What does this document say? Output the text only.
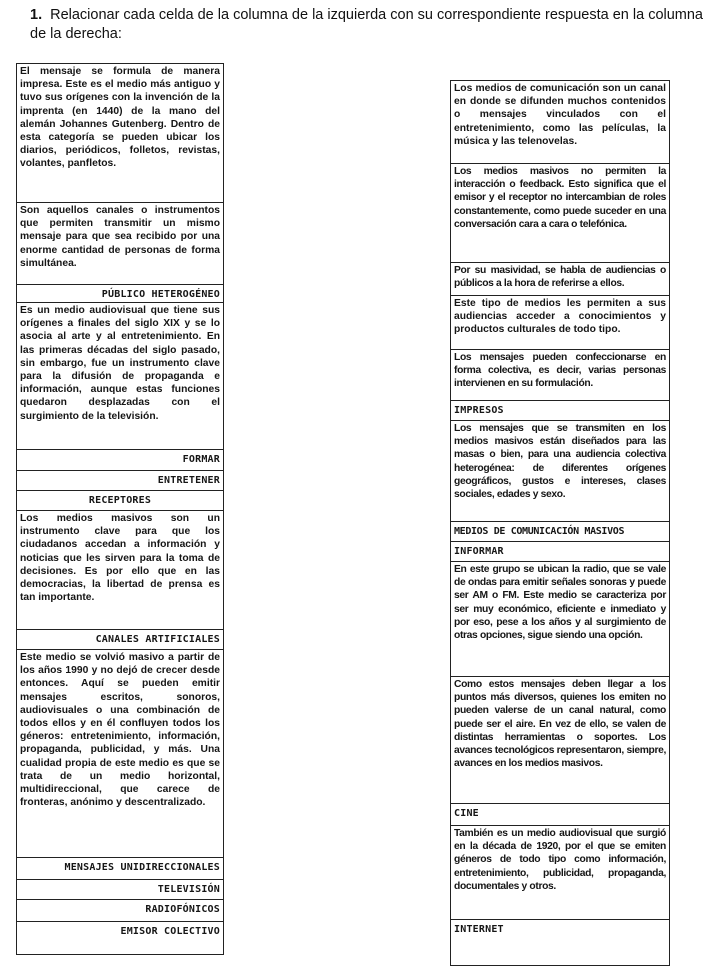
1. Relacionar cada celda de la columna de la izquierda con su correspondiente respuesta en la columna de la derecha:
El mensaje se formula de manera impresa. Este es el medio más antiguo y tuvo sus orígenes con la invención de la imprenta (en 1440) de la mano del alemán Johannes Gutenberg. Dentro de esta categoría se pueden ubicar los diarios, periódicos, folletos, revistas, volantes, panfletos.
Son aquellos canales o instrumentos que permiten transmitir un mismo mensaje para que sea recibido por una enorme cantidad de personas de forma simultánea.
PÚBLICO HETEROGÉNEO
Es un medio audiovisual que tiene sus orígenes a finales del siglo XIX y se lo asocia al arte y al entretenimiento. En las primeras décadas del siglo pasado, sin embargo, fue un instrumento clave para la difusión de propaganda e información, aunque estas funciones quedaron desplazadas con el surgimiento de la televisión.
FORMAR
ENTRETENER
RECEPTORES
Los medios masivos son un instrumento clave para que los ciudadanos accedan a información y noticias que les sirven para la toma de decisiones. Es por ello que en las democracias, la libertad de prensa es tan importante.
CANALES ARTIFICIALES
Este medio se volvió masivo a partir de los años 1990 y no dejó de crecer desde entonces. Aquí se pueden emitir mensajes escritos, sonoros, audiovisuales o una combinación de todos ellos y en él confluyen todos los géneros: entretenimiento, información, propaganda, publicidad, y más. Una cualidad propia de este medio es que se trata de un medio horizontal, multidireccional, que carece de fronteras, anónimo y descentralizado.
MENSAJES UNIDIRECCIONALES
TELEVISIÓN
RADIOFÓNICOS
EMISOR COLECTIVO
Los medios de comunicación son un canal en donde se difunden muchos contenidos o mensajes vinculados con el entretenimiento, como las películas, la música y las telenovelas.
Los medios masivos no permiten la interacción o feedback. Esto significa que el emisor y el receptor no intercambian de roles constantemente, como puede suceder en una conversación cara a cara o telefónica.
Por su masividad, se habla de audiencias o públicos a la hora de referirse a ellos.
Este tipo de medios les permiten a sus audiencias acceder a conocimientos y productos culturales de todo tipo.
Los mensajes pueden confeccionarse en forma colectiva, es decir, varias personas intervienen en su formulación.
IMPRESOS
Los mensajes que se transmiten en los medios masivos están diseñados para las masas o bien, para una audiencia colectiva heterogénea: de diferentes orígenes geográficos, gustos e intereses, clases sociales, edades y sexo.
MEDIOS DE COMUNICACIÓN MASIVOS
INFORMAR
En este grupo se ubican la radio, que se vale de ondas para emitir señales sonoras y puede ser AM o FM. Este medio se caracteriza por ser muy económico, eficiente e inmediato y por eso, pese a los años y al surgimiento de otras opciones, sigue siendo una opción.
Como estos mensajes deben llegar a los puntos más diversos, quienes los emiten no pueden valerse de un canal natural, como puede ser el aire. En vez de ello, se valen de distintas herramientas o soportes. Los avances tecnológicos representaron, siempre, avances en los medios masivos.
CINE
También es un medio audiovisual que surgió en la década de 1920, por el que se emiten géneros de todo tipo como información, entretenimiento, publicidad, propaganda, documentales y otros.
INTERNET
